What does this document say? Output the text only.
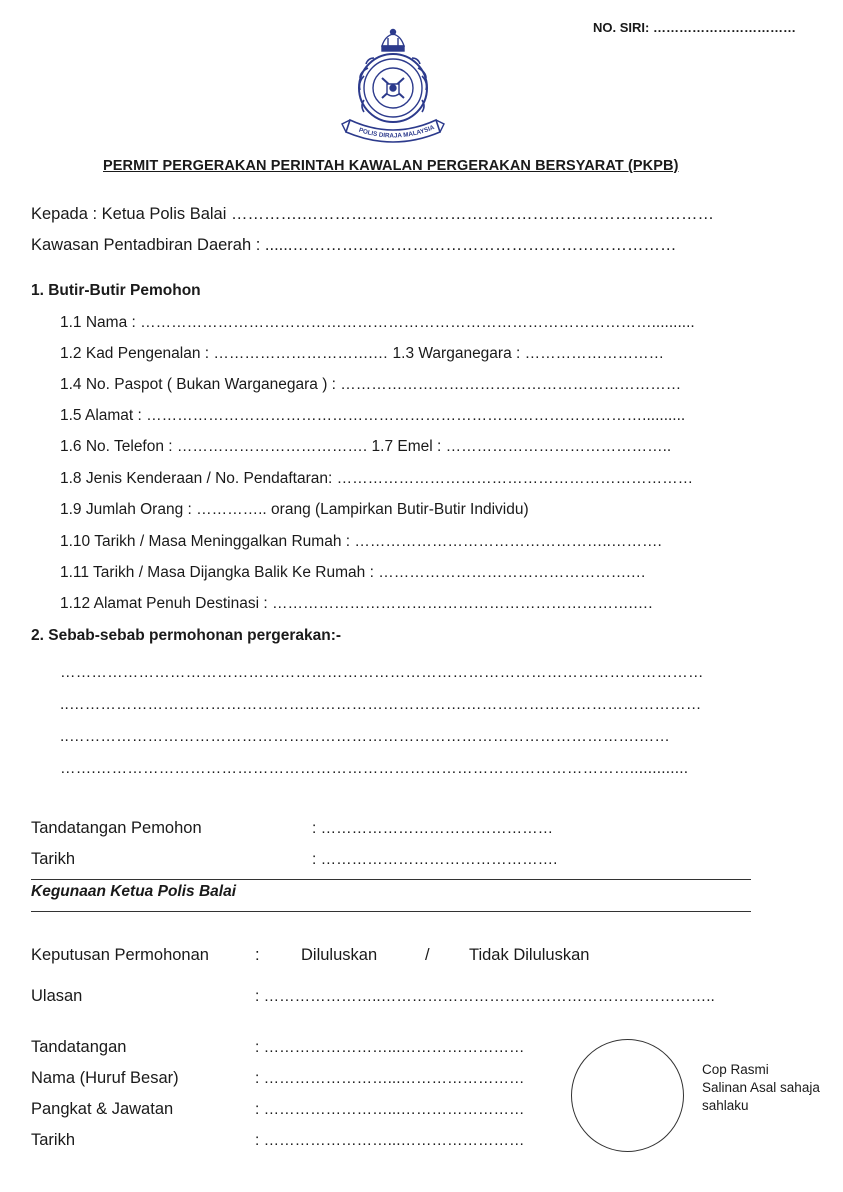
NO. SIRI: ……………………………
POLIS DIRAJA MALAYSIA
PERMIT PERGERAKAN PERINTAH KAWALAN PERGERAKAN BERSYARAT (PKPB)
Kepada : Ketua Polis Balai ………….…………………………………………………………………
Kawasan Pentadbiran Daerah : ......………….…………………………………………………
1. Butir-Butir Pemohon
1.1 Nama : ………………………………………………………………………………………..........
1.2 Kad Pengenalan : ………………………….… 1.3 Warganegara : ………………………
1.4 No. Paspot ( Bukan Warganegara ) : …………………………………………………………
1.5 Alamat : ……………………………………………………………………………………..........
1.6 No. Telefon : ………………………………. 1.7 Emel : ……………………………………..
1.8 Jenis Kenderaan / No. Pendaftaran: ……………………………………………………………
1.9 Jumlah Orang : ………….. orang (Lampirkan Butir-Butir Individu)
1.10 Tarikh / Masa Meninggalkan Rumah : …………………………………………..……….
1.11 Tarikh / Masa Dijangka Balik Ke Rumah : ………………………………………….…
1.12 Alamat Penuh Destinasi : …………………………………………………………….….
2. Sebab-sebab permohonan pergerakan:-
……………………………………………………………………………………………………………
..………………………………………………………………….………………………………………
..……………………………………………………………………………………………….……
…….………………………………………………………………………………………….............
Tandatangan Pemohon	: ………………………………………
Tarikh	: ……………………………………….
Kegunaan Ketua Polis Balai
Keputusan Permohonan	:	Diluluskan	/ Tidak Diluluskan
Ulasan	: …………………..………………………………………………………..
Tandatangan	: ……………………...……………………
Nama (Huruf Besar)	: ……………………...……………………
Pangkat & Jawatan	: ……………………...……………………
Tarikh	: ……………………...……………………
Cop Rasmi
Salinan Asal sahaja
sahlaku
